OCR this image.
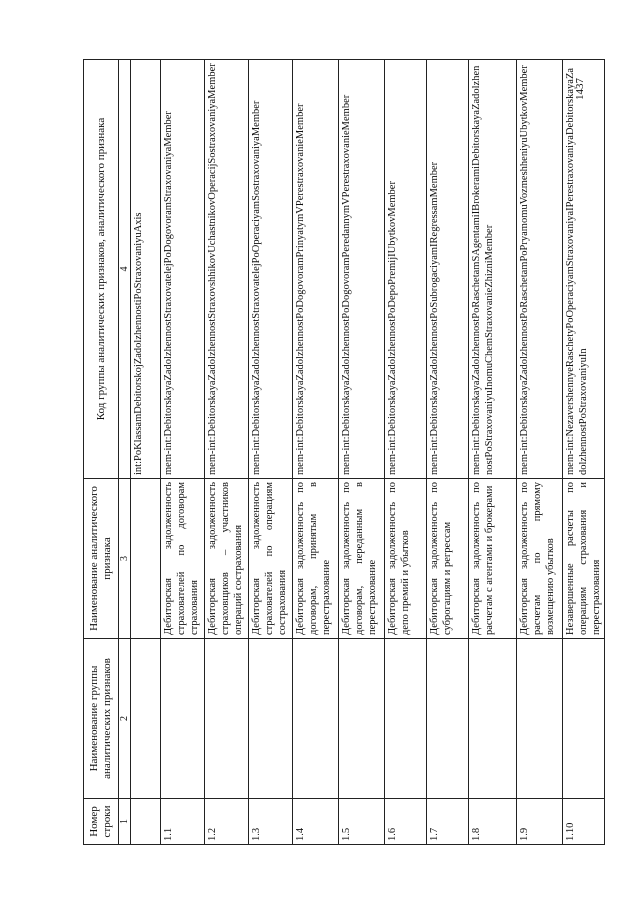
1437
Номер строки	Наименование группы аналитических признаков	Наименование аналитического признака	Код группы аналитических признаков, аналитического признака
1	2	3	4
			int:PoKlassamDebitorskojZadolzhennostiPoStraxovaniyuAxis
1.1		Дебиторская задолженность страхователей по договорам страхования	mem-int:DebitorskayaZadolzhennostStraxovatelejPoDogovoramStraxovaniyaMember
1.2		Дебиторская задолженность страховщиков – участников операций сострахования	mem-int:DebitorskayaZadolzhennostStraxovshhikovUchastnikovOperacijSostraxovaniyaMember
1.3		Дебиторская задолженность страхователей по операциям сострахования	mem-int:DebitorskayaZadolzhennostStraxovatelejPoOperaciyamSostraxovaniyaMember
1.4		Дебиторская задолженность по договорам, принятым в перестрахование	mem-int:DebitorskayaZadolzhennostPoDogovoramPrinyatymVPerestraxovanieMember
1.5		Дебиторская задолженность по договорам, переданным в перестрахование	mem-int:DebitorskayaZadolzhennostPoDogovoramPeredannymVPerestraxovanieMember
1.6		Дебиторская задолженность по депо премий и убытков	mem-int:DebitorskayaZadolzhennostPoDepoPremijIUbytkovMember
1.7		Дебиторская задолженность по суброгациям и регрессам	mem-int:DebitorskayaZadolzhennostPoSubrogaciyamIRegressamMember
1.8		Дебиторская задолженность по расчетам с агентами и брокерами	mem-int:DebitorskayaZadolzhennostPoRaschetamSAgentamiIBrokeramiDebitorskayaZadolzhennostPoStraxovaniyuInomuChemStraxovanieZhizniMember
1.9		Дебиторская задолженность по расчетам по прямому возмещению убытков	mem-int:DebitorskayaZadolzhennostPoRaschetamPoPryamomuVozmeshheniyuUbytkovMember
1.10		Незавершенные расчеты по операциям страхования и перестрахования	mem-int:NezavershennyeRaschetyPoOperaciyamStraxovaniyaIPerestraxovaniyaDebitorskayaZadolzhennostPoStraxovaniyuIn
